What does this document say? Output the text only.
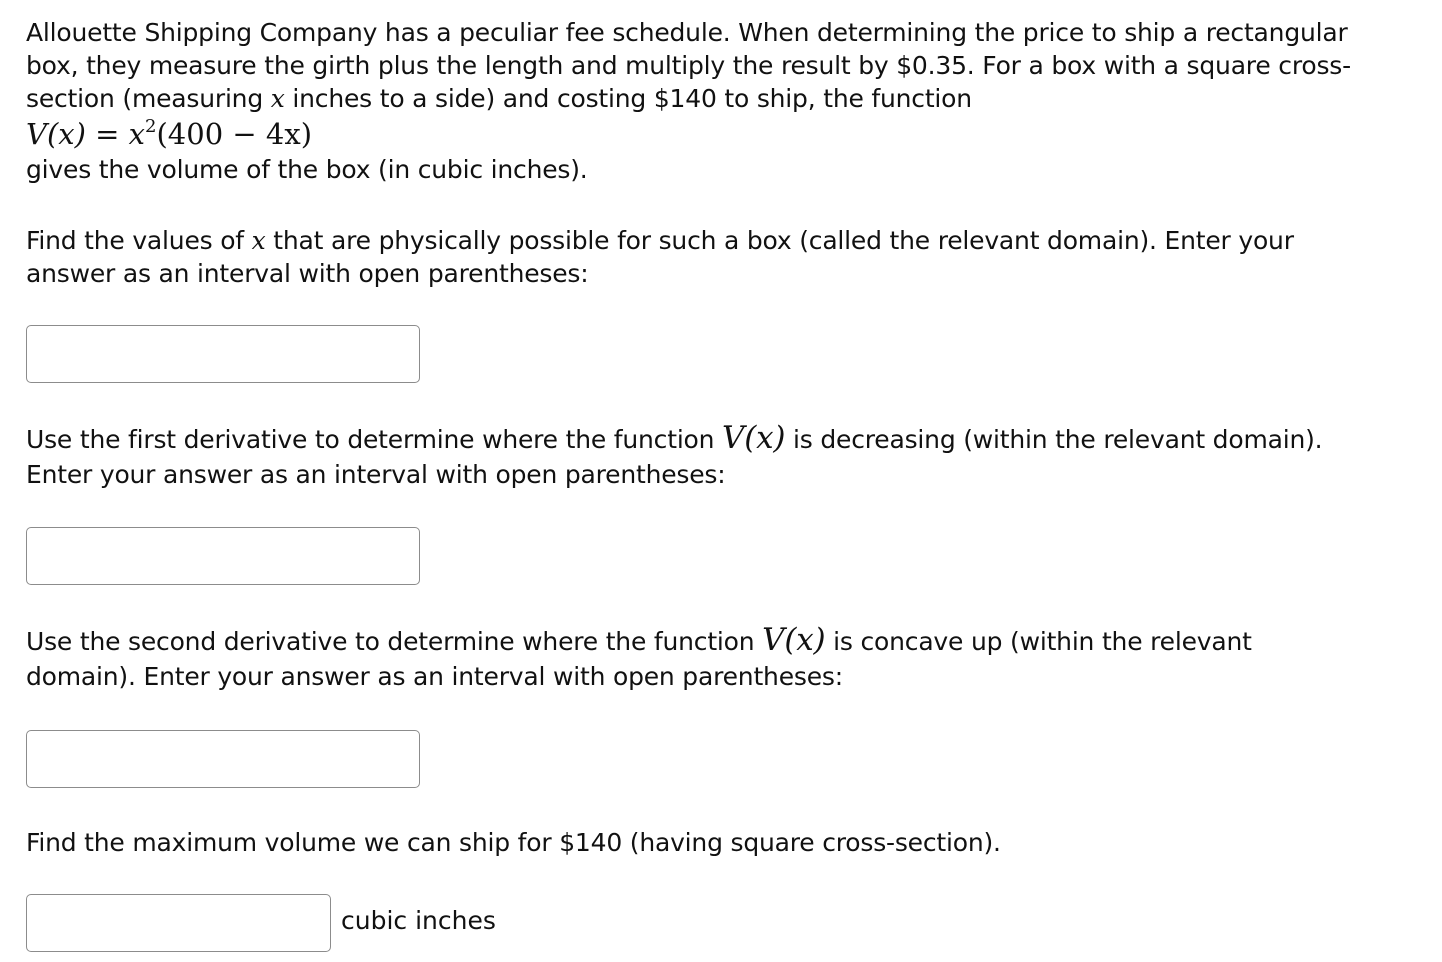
Allouette Shipping Company has a peculiar fee schedule. When determining the price to ship a rectangular

box, they measure the girth plus the length and multiply the result by $0.35. For a box with a square cross-

section (measuring x inches to a side) and costing $140 to ship, the function

$V(x) = x^2(400 - 4x)$

gives the volume of the box (in cubic inches).

Find the values of x that are physically possible for such a box (called the relevant domain). Enter your

answer as an interval with open parentheses:

Use the first derivative to determine where the function V(x) is decreasing (within the relevant domain).

Enter your answer as an interval with open parentheses:

Use the second derivative to determine where the function V(x) is concave up (within the relevant

domain). Enter your answer as an interval with open parentheses:

Find the maximum volume we can ship for $140 (having square cross-section).

cubic inches
